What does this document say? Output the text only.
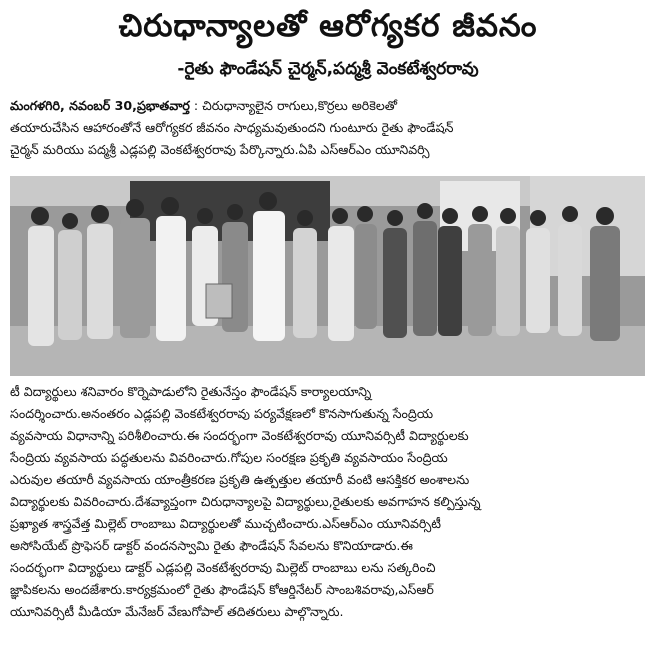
చిరుధాన్యాలతో ఆరోగ్యకర జీవనం
-రైతు ఫౌండేషన్ చైర్మన్,పద్మశ్రీ వెంకటేశ్వరరావు
మంగళగిరి, నవంబర్ 30,ప్రభాతవార్త : చిరుధాన్యాలైన రాగులు,కొర్రలు అరికెలతో
తయారుచేసిన ఆహారంతోనే ఆరోగ్యకర జీవనం సాధ్యమవుతుందని గుంటూరు రైతు ఫౌండేషన్
చైర్మన్ మరియు పద్మశ్రీ ఎడ్లపల్లి వెంకటేశ్వరరావు పేర్కొన్నారు.ఏపి ఎస్ఆర్ఎం యూనివర్సి
టీ విద్యార్థులు శనివారం కొర్నెపాడులోని రైతునేస్తం ఫౌండేషన్ కార్యాలయాన్ని
సందర్శించారు.అనంతరం ఎడ్లపల్లి వెంకటేశ్వరరావు పర్యవేక్షణలో కొనసాగుతున్న సేంద్రియ
వ్యవసాయ విధానాన్ని పరిశీలించారు.ఈ సందర్భంగా వెంకటేశ్వరరావు యూనివర్సిటీ విద్యార్థులకు
సేంద్రియ వ్యవసాయ పద్ధతులను వివరించారు.గోపుల సంరక్షణ ప్రకృతి వ్యవసాయం సేంద్రియ
ఎరువుల తయారీ వ్యవసాయ యాంత్రీకరణ ప్రకృతి ఉత్పత్తుల తయారీ వంటి ఆసక్తికర అంశాలను
విద్యార్థులకు వివరించారు.దేశవ్యాప్తంగా చిరుధాన్యాలపై విద్యార్థులు,రైతులకు అవగాహన కల్పిస్తున్న
ప్రఖ్యాత శాస్త్రవేత్త మిల్లెట్ రాంబాబు విద్యార్థులతో ముచ్చటించారు.ఎస్ఆర్ఎం యూనివర్సిటీ
అసోసియేట్ ప్రొఫెసర్ డాక్టర్ వందనస్వామి రైతు ఫౌండేషన్ సేవలను కొనియాడారు.ఈ
సందర్భంగా విద్యార్థులు డాక్టర్ ఎడ్లపల్లి వెంకటేశ్వరరావు మిల్లెట్ రాంబాబు లను సత్కరించి
జ్ఞాపికలను అందజేశారు.కార్యక్రమంలో రైతు ఫౌండేషన్ కోఆర్డినేటర్ సాంబశివరావు,ఎస్ఆర్
యూనివర్సిటీ మీడియా మేనేజర్ వేణుగోపాల్ తదితరులు పాల్గొన్నారు.
